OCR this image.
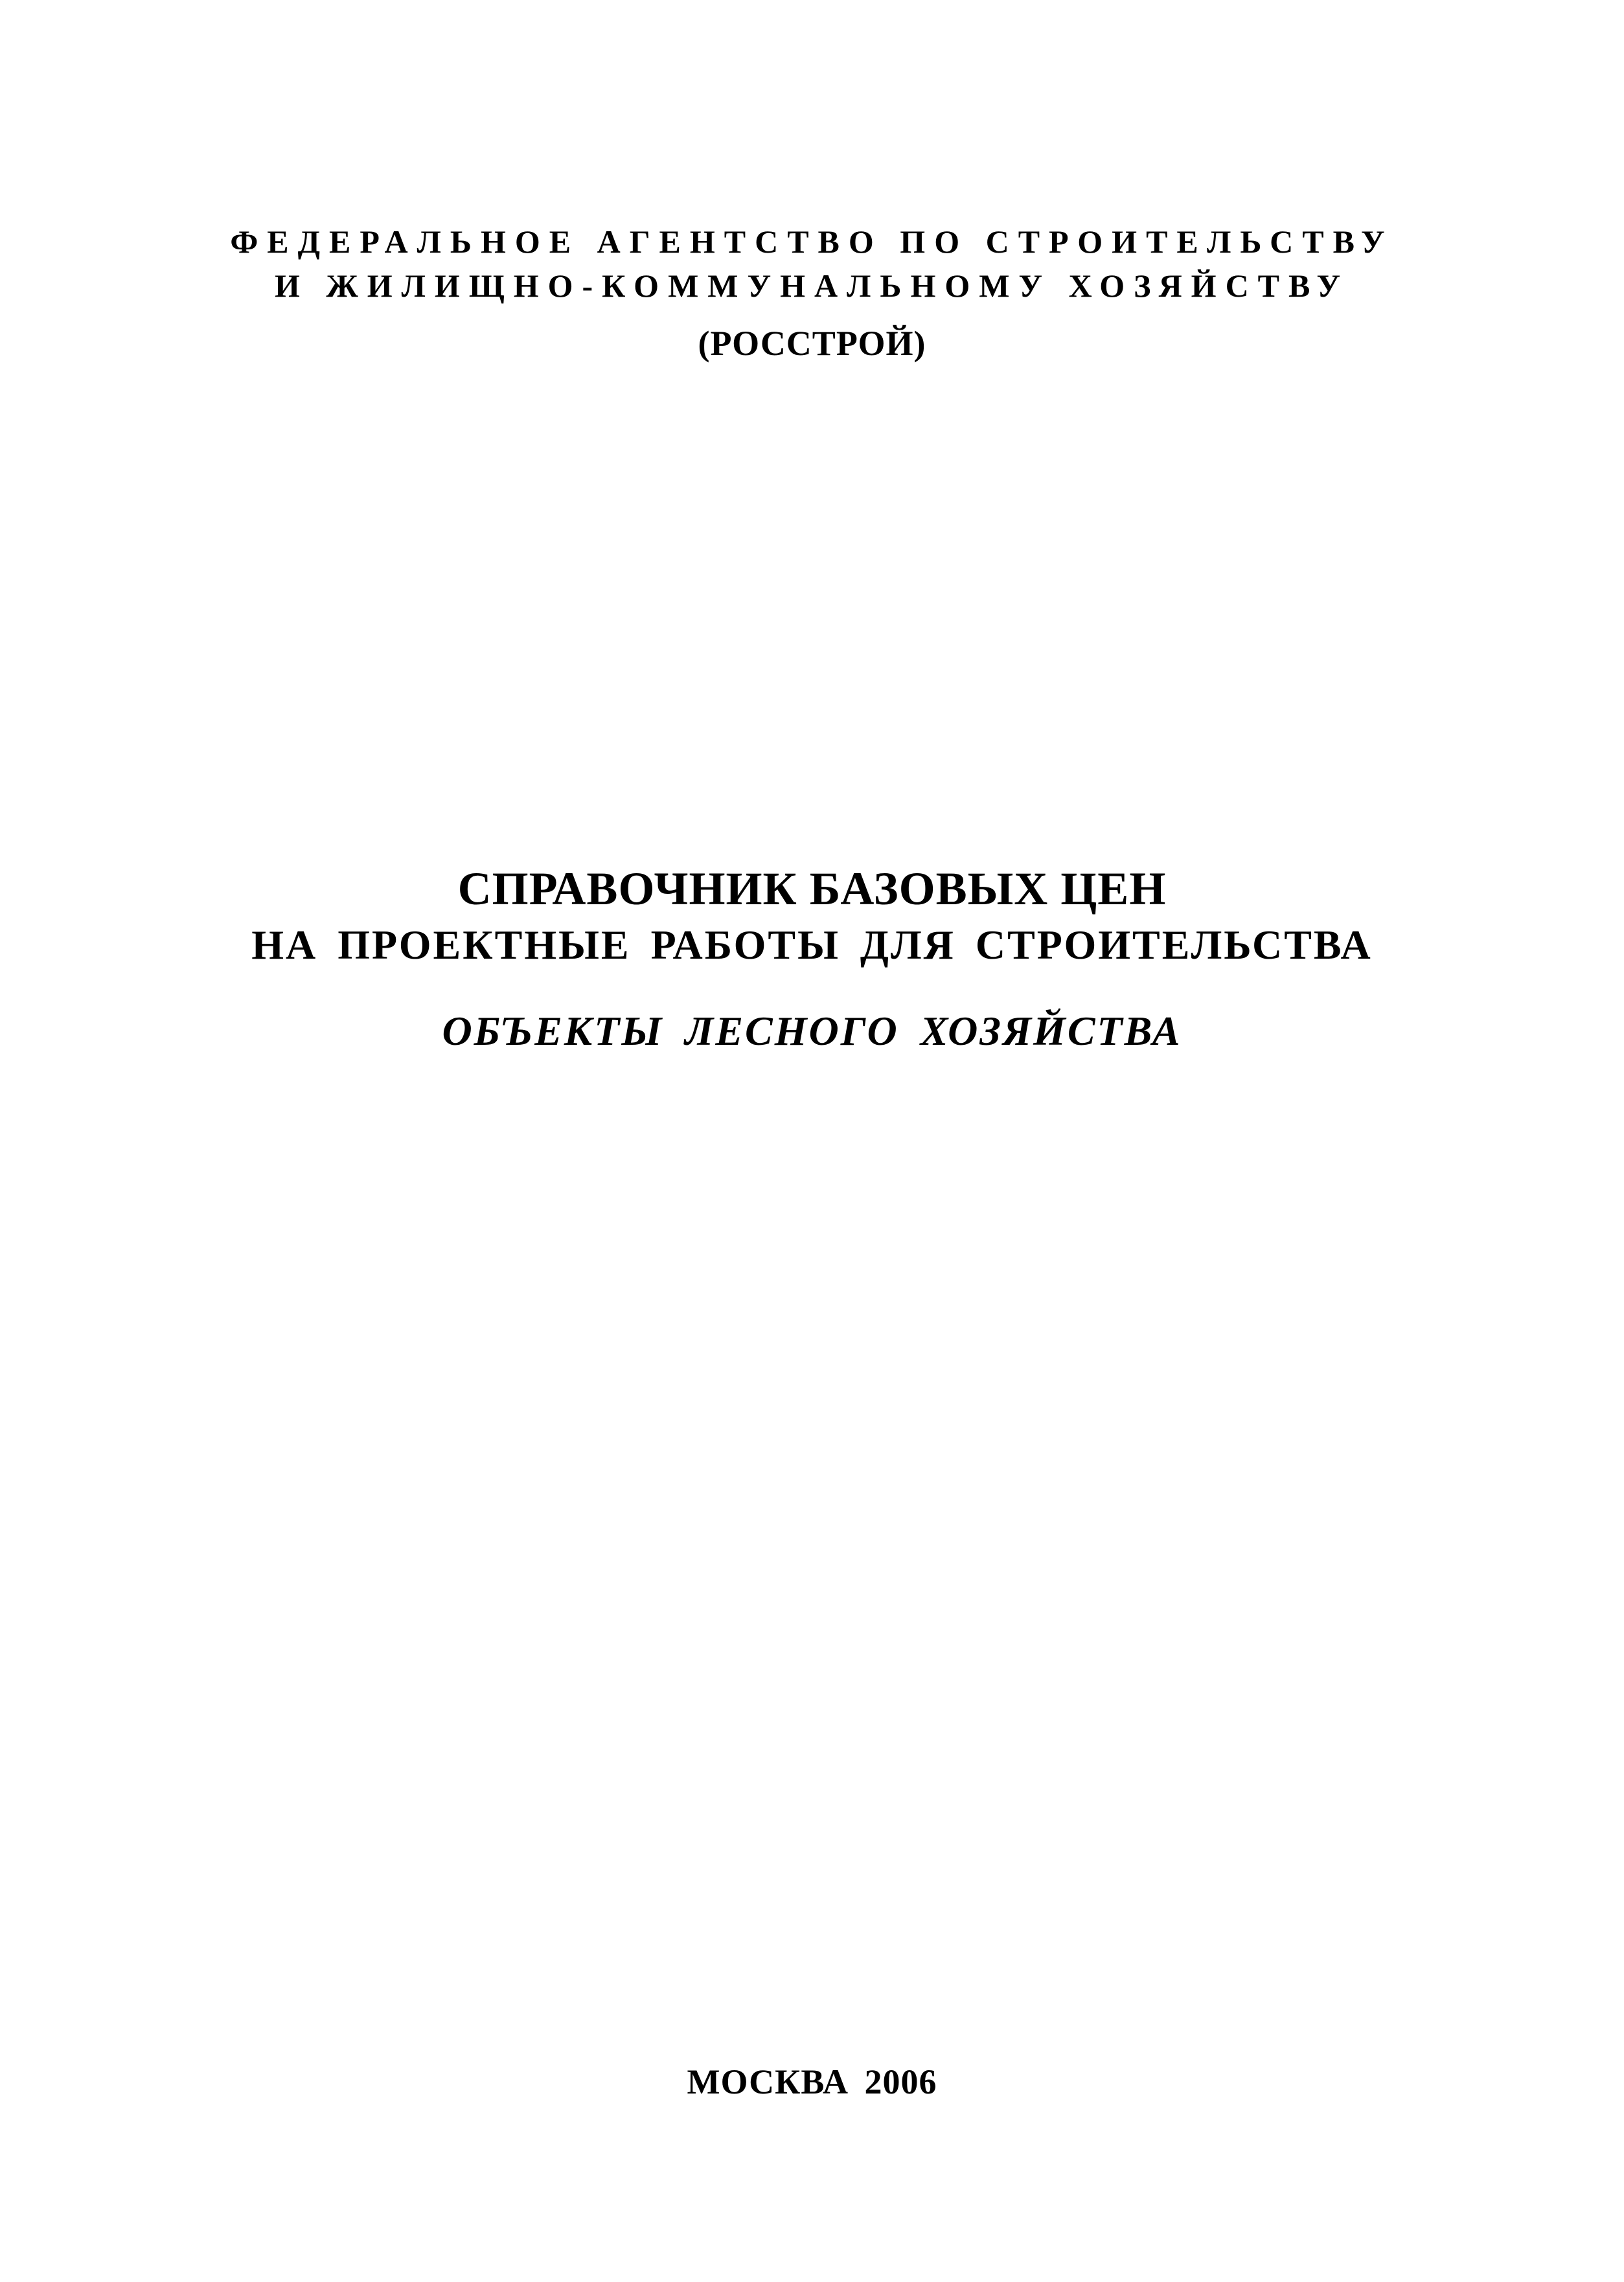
ФЕДЕРАЛЬНОЕ АГЕНТСТВО ПО СТРОИТЕЛЬСТВУ
И ЖИЛИЩНО-КОММУНАЛЬНОМУ ХОЗЯЙСТВУ
(РОССТРОЙ)
СПРАВОЧНИК БАЗОВЫХ ЦЕН
НА ПРОЕКТНЫЕ РАБОТЫ ДЛЯ СТРОИТЕЛЬСТВА
ОБЪЕКТЫ ЛЕСНОГО ХОЗЯЙСТВА
МОСКВА 2006
